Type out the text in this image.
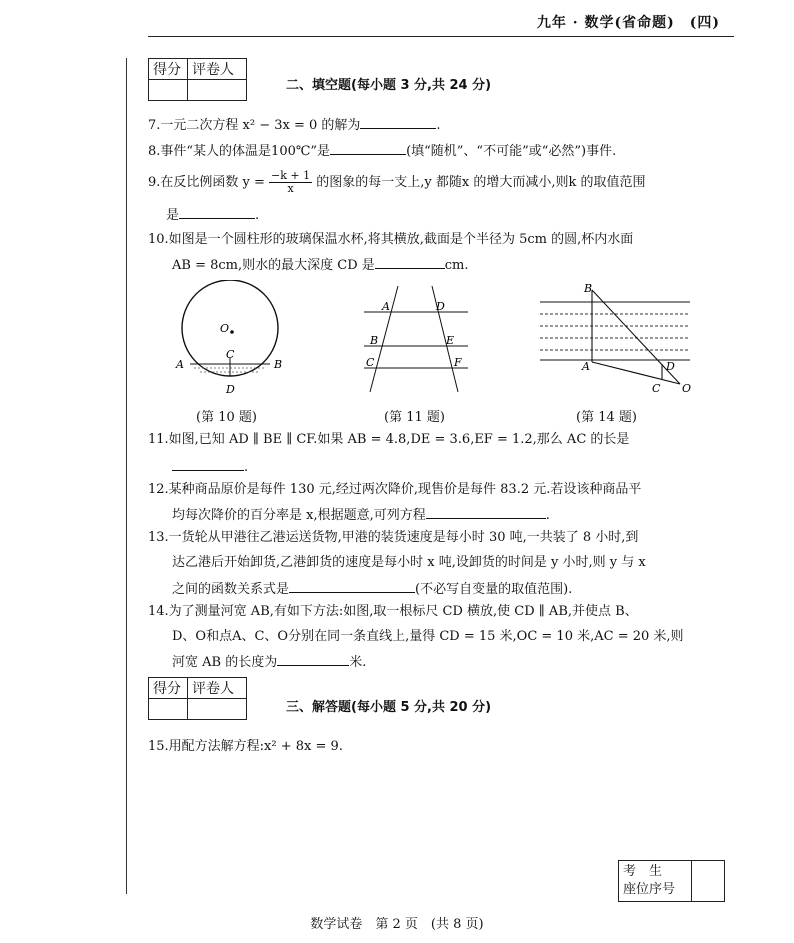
九年 · 数学(省命题)　(四)
得分	评卷人

二、填空题(每小题 3 分,共 24 分)
7.一元二次方程 x² − 3x = 0 的解为	.
8.事件“某人的体温是100℃”是	(填“随机”、“不可能”或“必然”)事件.
9.在反比例函数 $y = \frac{-k + 1}{x}$ 的图象的每一支上,y 都随x 的增大而减小,则k 的取值范围
是	.
10.如图是一个圆柱形的玻璃保温水杯,将其横放,截面是个半径为 5cm 的圆,杯内水面
AB = 8cm,则水的最大深度 CD 是	cm.
O
A	B
C
D
(第 10 题)
A	D
B	E
C	F
(第 11 题)
B
A	D
C O
(第 14 题)
11.如图,已知 AD ∥ BE ∥ CF.如果 AB = 4.8,DE = 3.6,EF = 1.2,那么 AC 的长是
.
12.某种商品原价是每件 130 元,经过两次降价,现售价是每件 83.2 元.若设该种商品平
均每次降价的百分率是 x,根据题意,可列方程	.
13.一货轮从甲港往乙港运送货物,甲港的装货速度是每小时 30 吨,一共装了 8 小时,到
达乙港后开始卸货,乙港卸货的速度是每小时 x 吨,设卸货的时间是 y 小时,则 y 与 x
之间的函数关系式是	(不必写自变量的取值范围).
14.为了测量河宽 AB,有如下方法:如图,取一根标尺 CD 横放,使 CD ∥ AB,并使点 B、
D、O和点A、C、O分别在同一条直线上,量得 CD = 15 米,OC = 10 米,AC = 20 米,则
河宽 AB 的长度为	米.
得分	评卷人

三、解答题(每小题 5 分,共 20 分)
15.用配方法解方程:x² + 8x = 9.
考　生
座位序号

数学试卷　第 2 页　(共 8 页)
